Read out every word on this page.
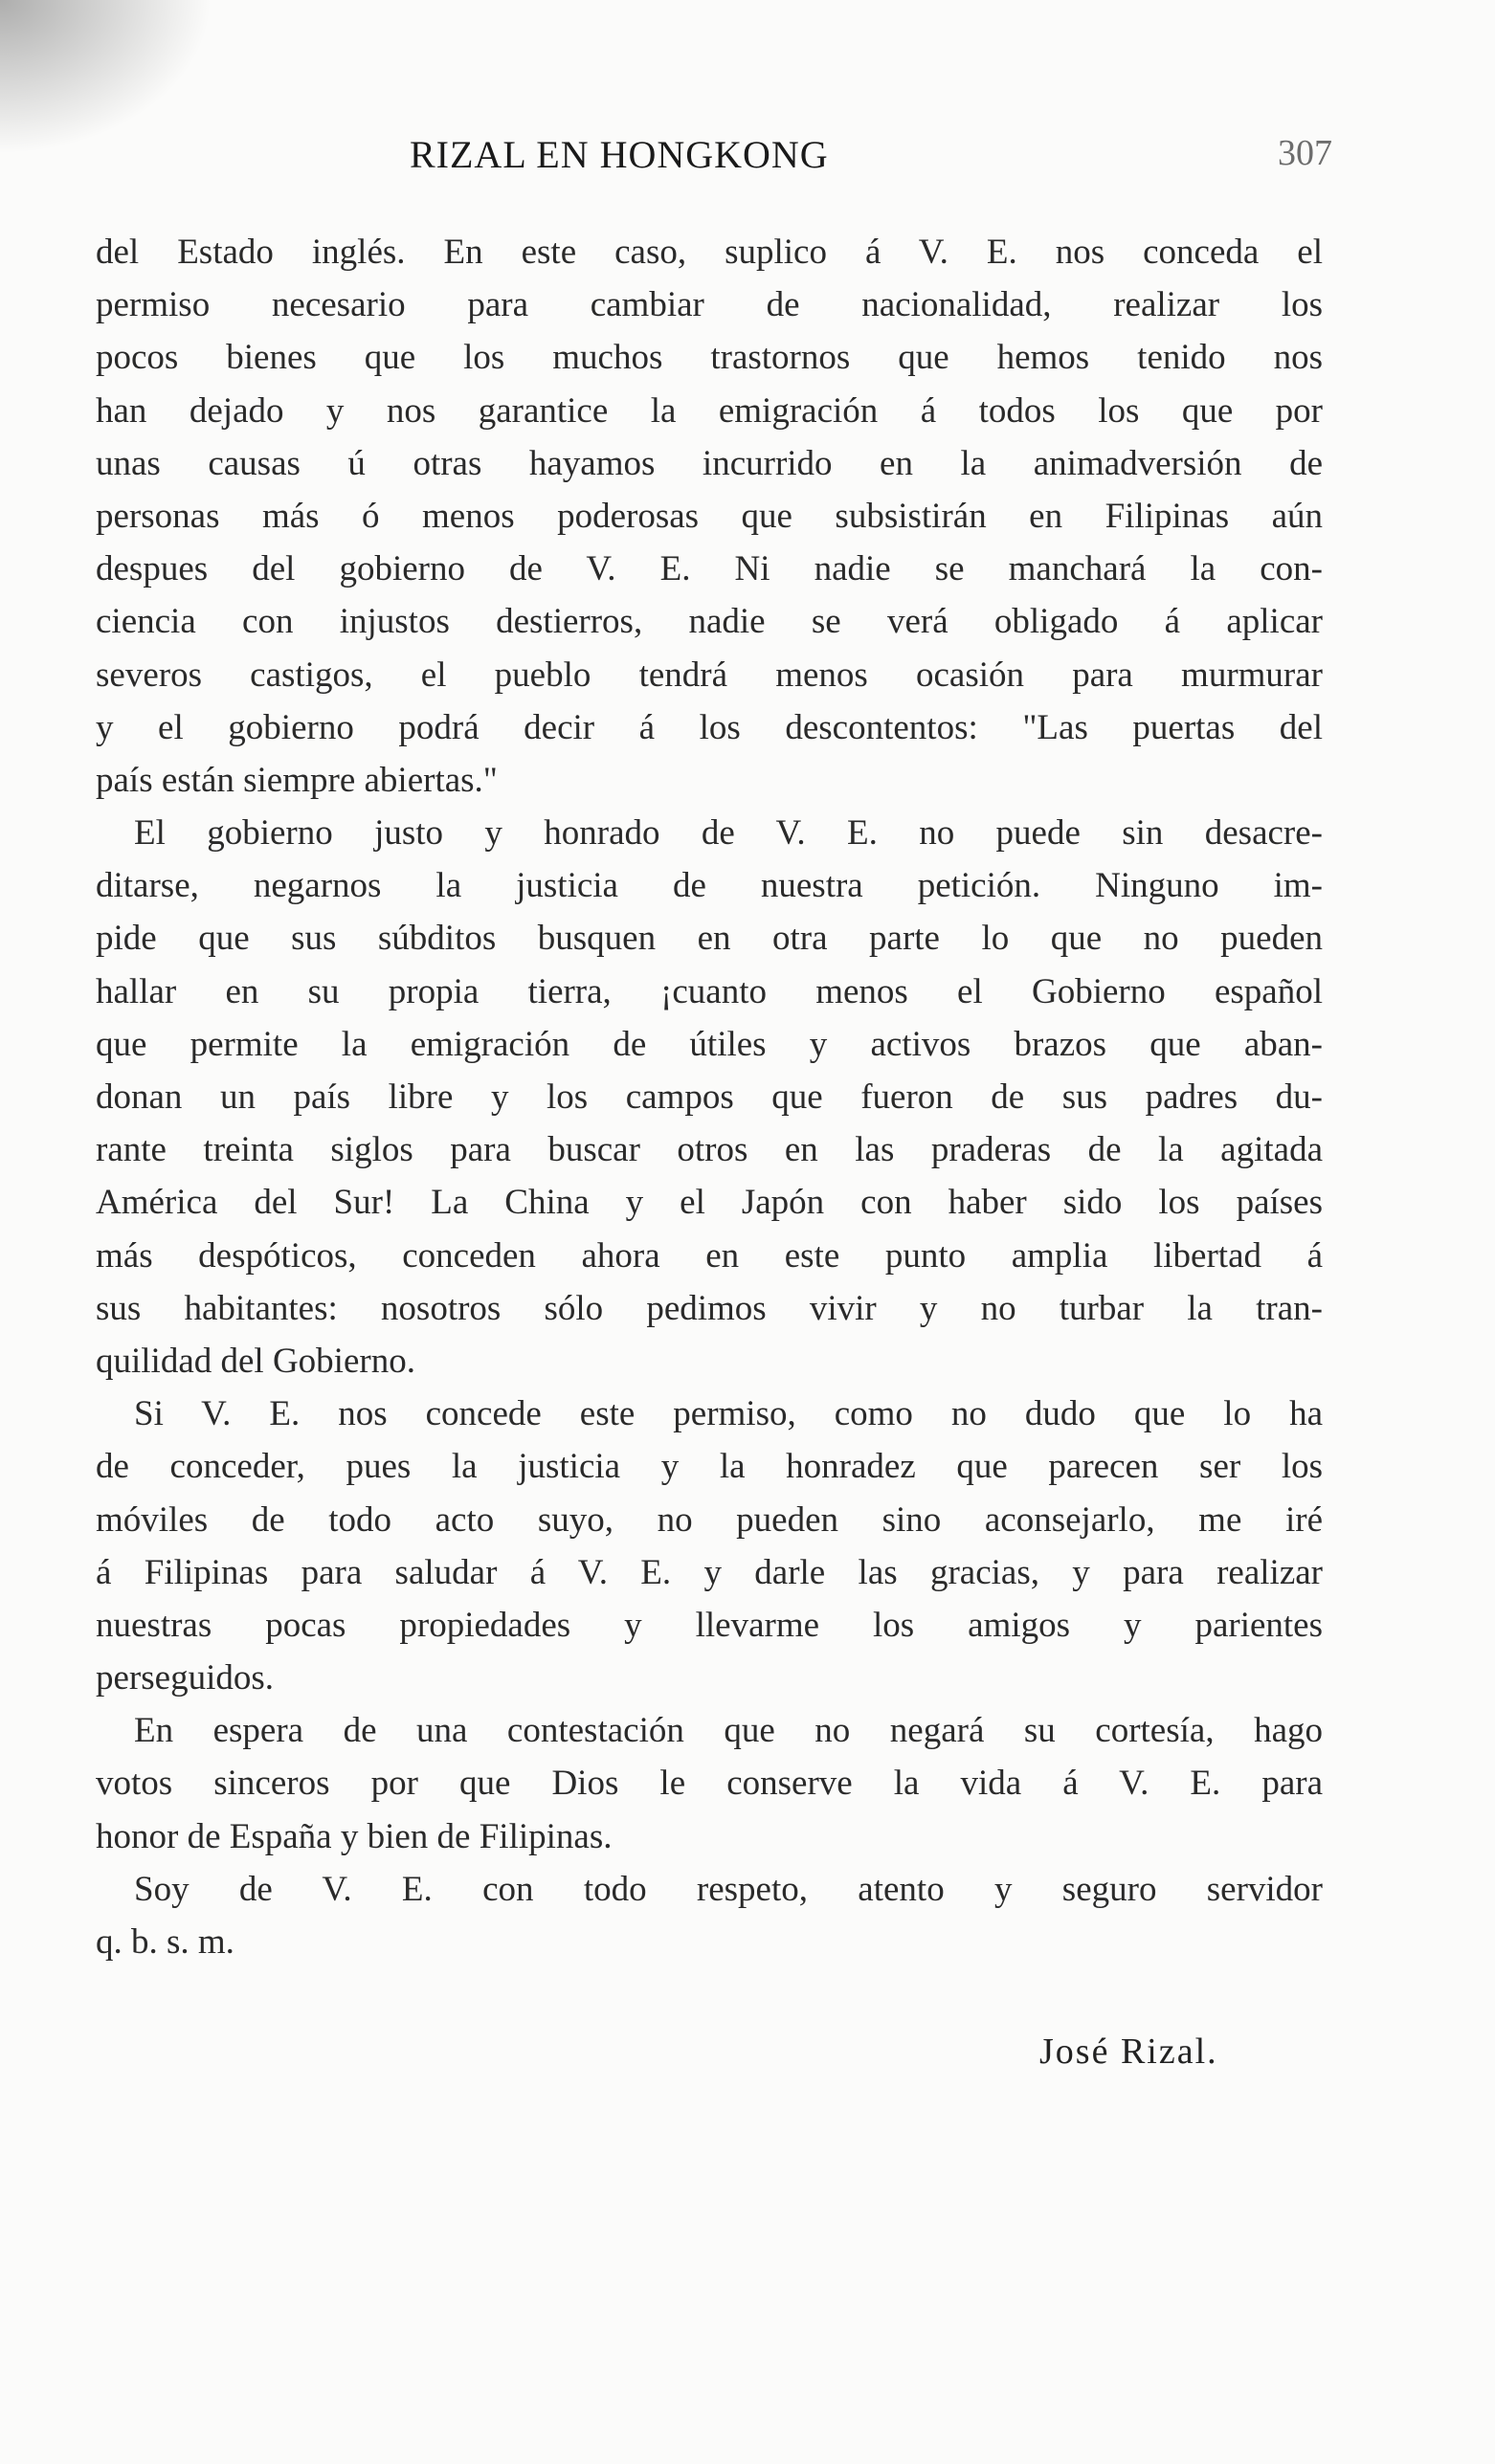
RIZAL EN HONGKONG	307
del Estado inglés. En este caso, suplico á V. E. nos conceda el
permiso necesario para cambiar de nacionalidad, realizar los
pocos bienes que los muchos trastornos que hemos tenido nos
han dejado y nos garantice la emigración á todos los que por
unas causas ú otras hayamos incurrido en la animadversión de
personas más ó menos poderosas que subsistirán en Filipinas aún
despues del gobierno de V. E. Ni nadie se manchará la con-
ciencia con injustos destierros, nadie se verá obligado á aplicar
severos castigos, el pueblo tendrá menos ocasión para murmurar
y el gobierno podrá decir á los descontentos: "Las puertas del
país están siempre abiertas."
El gobierno justo y honrado de V. E. no puede sin desacre-
ditarse, negarnos la justicia de nuestra petición. Ninguno im-
pide que sus súbditos busquen en otra parte lo que no pueden
hallar en su propia tierra, ¡cuanto menos el Gobierno español
que permite la emigración de útiles y activos brazos que aban-
donan un país libre y los campos que fueron de sus padres du-
rante treinta siglos para buscar otros en las praderas de la agitada
América del Sur! La China y el Japón con haber sido los países
más despóticos, conceden ahora en este punto amplia libertad á
sus habitantes: nosotros sólo pedimos vivir y no turbar la tran-
quilidad del Gobierno.
Si V. E. nos concede este permiso, como no dudo que lo ha
de conceder, pues la justicia y la honradez que parecen ser los
móviles de todo acto suyo, no pueden sino aconsejarlo, me iré
á Filipinas para saludar á V. E. y darle las gracias, y para realizar
nuestras pocas propiedades y llevarme los amigos y parientes
perseguidos.
En espera de una contestación que no negará su cortesía, hago
votos sinceros por que Dios le conserve la vida á V. E. para
honor de España y bien de Filipinas.
Soy de V. E. con todo respeto, atento y seguro servidor
q. b. s. m.
José Rizal.
